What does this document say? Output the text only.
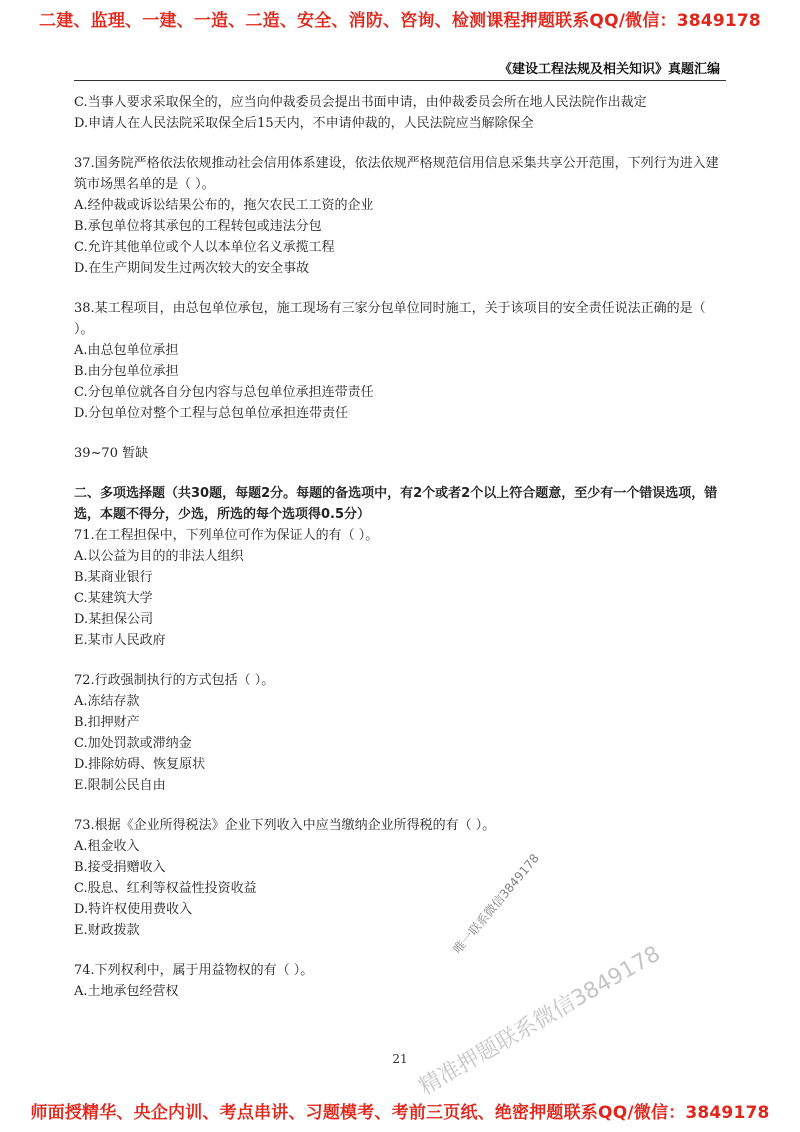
二建、监理、一建、一造、二造、安全、消防、咨询、检测课程押题联系QQ/微信：3849178
《建设工程法规及相关知识》真题汇编
C.当事人要求采取保全的，应当向仲裁委员会提出书面申请，由仲裁委员会所在地人民法院作出裁定
D.申请人在人民法院采取保全后15天内，不申请仲裁的，人民法院应当解除保全
37.国务院严格依法依规推动社会信用体系建设，依法依规严格规范信用信息采集共享公开范围，下列行为进入建筑市场黑名单的是（ ）。
A.经仲裁或诉讼结果公布的，拖欠农民工工资的企业
B.承包单位将其承包的工程转包或违法分包
C.允许其他单位或个人以本单位名义承揽工程
D.在生产期间发生过两次较大的安全事故
38.某工程项目，由总包单位承包，施工现场有三家分包单位同时施工，关于该项目的安全责任说法正确的是（ ）。
A.由总包单位承担
B.由分包单位承担
C.分包单位就各自分包内容与总包单位承担连带责任
D.分包单位对整个工程与总包单位承担连带责任
39~70 暂缺
二、多项选择题（共30题，每题2分。每题的备选项中，有2个或者2个以上符合题意，至少有一个错误选项，错选，本题不得分，少选，所选的每个选项得0.5分）
71.在工程担保中，下列单位可作为保证人的有（ ）。
A.以公益为目的的非法人组织
B.某商业银行
C.某建筑大学
D.某担保公司
E.某市人民政府
72.行政强制执行的方式包括（ ）。
A.冻结存款
B.扣押财产
C.加处罚款或滞纳金
D.排除妨碍、恢复原状
E.限制公民自由
73.根据《企业所得税法》企业下列收入中应当缴纳企业所得税的有（ ）。
A.租金收入
B.接受捐赠收入
C.股息、红利等权益性投资收益
D.特许权使用费收入
E.财政拨款
74.下列权利中，属于用益物权的有（ ）。
A.土地承包经营权
21
唯一联系微信3849178
精准押题联系微信3849178
师面授精华、央企内训、考点串讲、习题模考、考前三页纸、绝密押题联系QQ/微信：3849178
